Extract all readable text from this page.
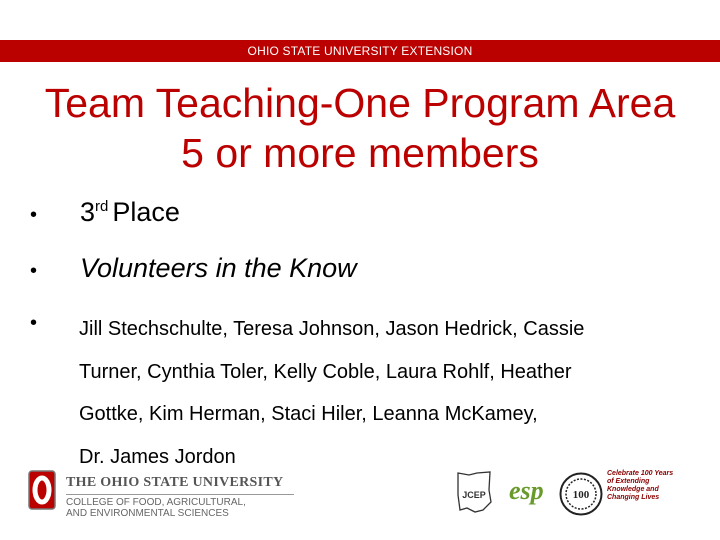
OHIO STATE UNIVERSITY EXTENSION
Team Teaching-One Program Area
5 or more members
•	3rd Place
•	Volunteers in the Know
•	Jill Stechschulte, Teresa Johnson, Jason Hedrick, Cassie
Turner, Cynthia Toler, Kelly Coble, Laura Rohlf, Heather
Gottke, Kim Herman, Staci Hiler, Leanna McKamey,
Dr. James Jordon
THE OHIO STATE UNIVERSITY
COLLEGE OF FOOD, AGRICULTURAL,
AND ENVIRONMENTAL SCIENCES
JCEP esp	100
Celebrate 100 Years of Extending Knowledge and Changing Lives
